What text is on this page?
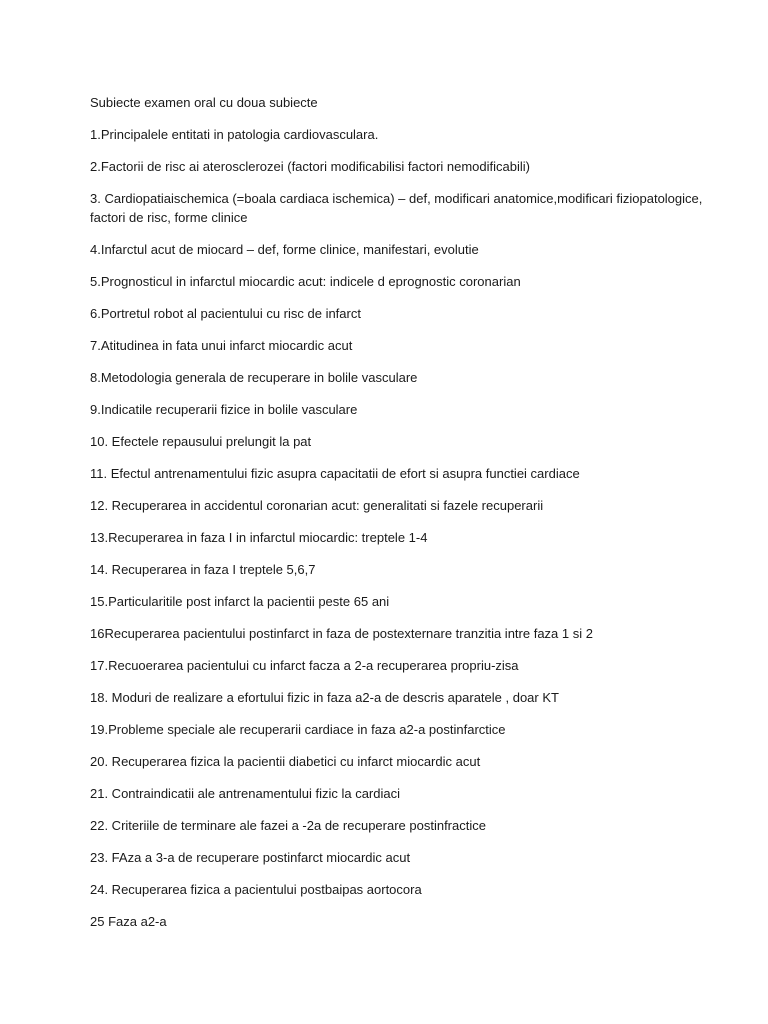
Subiecte examen oral cu doua subiecte

1.Principalele entitati in patologia cardiovasculara.

2.Factorii de risc ai aterosclerozei (factori modificabilisi factori nemodificabili)

3. Cardiopatiaischemica (=boala cardiaca ischemica) – def, modificari anatomice,modificari fiziopatologice, factori de risc, forme clinice

4.Infarctul acut de miocard – def, forme clinice, manifestari, evolutie

5.Prognosticul in infarctul miocardic acut: indicele d eprognostic coronarian

6.Portretul robot al pacientului cu risc de infarct

7.Atitudinea in fata unui infarct miocardic acut

8.Metodologia generala de recuperare in bolile vasculare

9.Indicatile recuperarii fizice in bolile vasculare

10. Efectele repausului prelungit la pat

11. Efectul antrenamentului fizic asupra capacitatii de efort si asupra functiei cardiace

12. Recuperarea in accidentul coronarian acut: generalitati si fazele recuperarii

13.Recuperarea in faza I in infarctul miocardic: treptele 1-4

14. Recuperarea in faza I treptele 5,6,7

15.Particularitile post infarct la pacientii peste 65 ani

16Recuperarea pacientului postinfarct in faza de postexternare tranzitia intre faza 1 si 2

17.Recuoerarea pacientului cu infarct facza a 2-a recuperarea propriu-zisa

18. Moduri de realizare a efortului fizic in faza a2-a de descris aparatele , doar KT

19.Probleme speciale ale recuperarii cardiace in faza a2-a postinfarctice

20. Recuperarea fizica la pacientii diabetici cu infarct miocardic acut

21. Contraindicatii ale antrenamentului fizic la cardiaci

22. Criteriile de terminare ale fazei a -2a de recuperare postinfractice

23. FAza a 3-a de recuperare postinfarct miocardic acut

24. Recuperarea fizica a pacientului postbaipas aortocora

25 Faza a2-a
